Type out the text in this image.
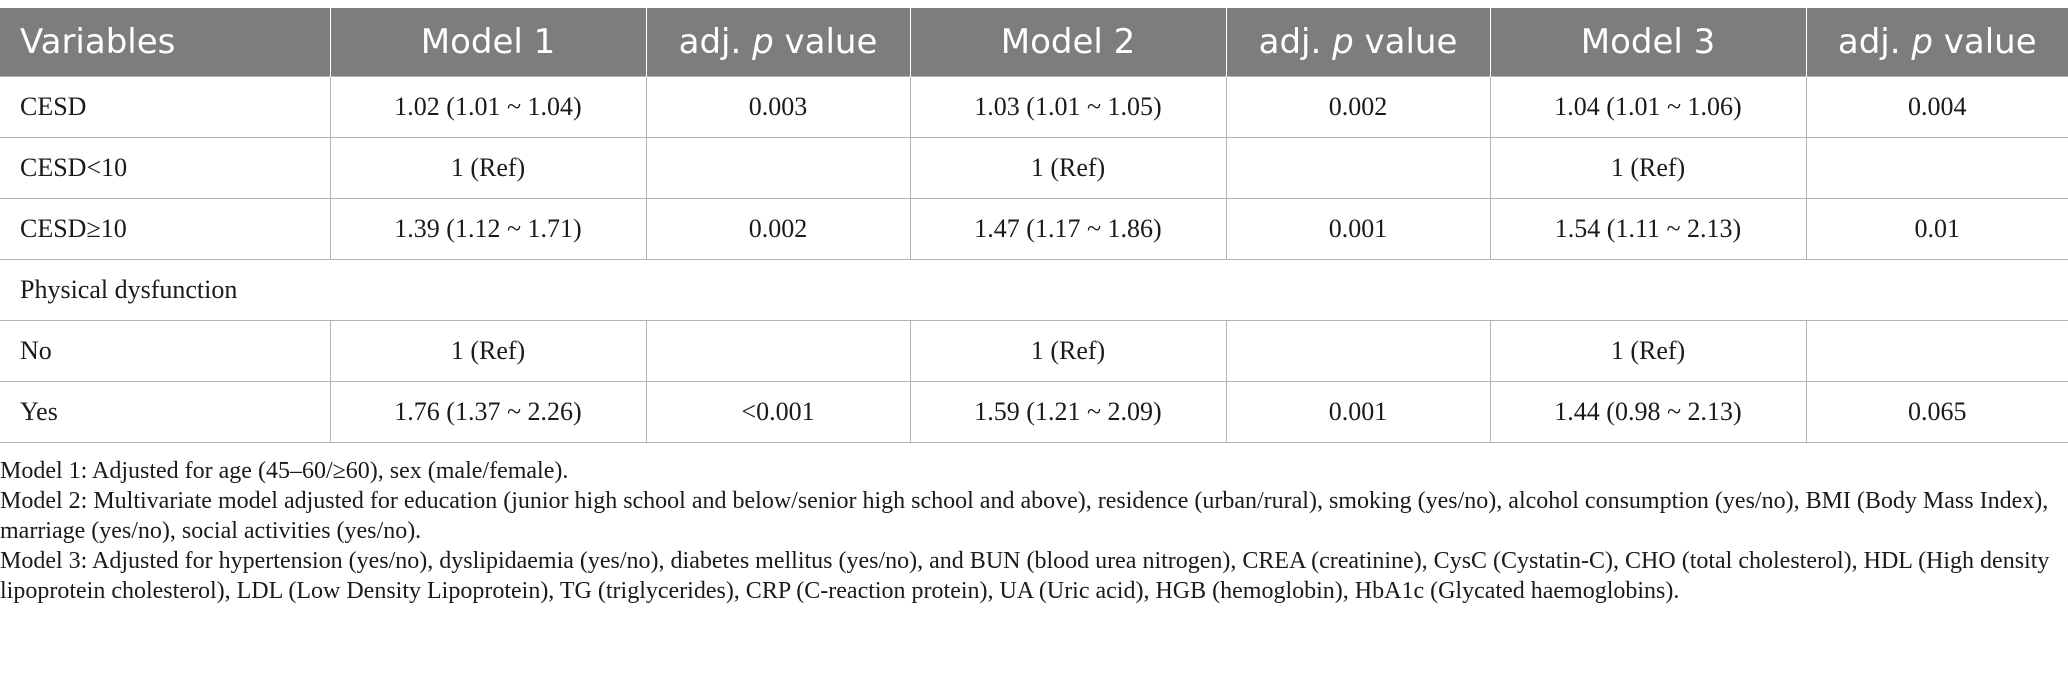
Variables	Model 1	adj. p value	Model 2	adj. p value	Model 3	adj. p value
CESD	1.02 (1.01 ~ 1.04)	0.003	1.03 (1.01 ~ 1.05)	0.002	1.04 (1.01 ~ 1.06)	0.004
CESD<10	1 (Ref)		1 (Ref)		1 (Ref)	
CESD≥10	1.39 (1.12 ~ 1.71)	0.002	1.47 (1.17 ~ 1.86)	0.001	1.54 (1.11 ~ 2.13)	0.01
Physical dysfunction						
No	1 (Ref)		1 (Ref)		1 (Ref)	
Yes	1.76 (1.37 ~ 2.26)	<0.001	1.59 (1.21 ~ 2.09)	0.001	1.44 (0.98 ~ 2.13)	0.065

Model 1: Adjusted for age (45–60/≥60), sex (male/female).

Model 2: Multivariate model adjusted for education (junior high school and below/senior high school and above), residence (urban/rural), smoking (yes/no), alcohol consumption (yes/no), BMI (Body Mass Index), marriage (yes/no), social activities (yes/no).

Model 3: Adjusted for hypertension (yes/no), dyslipidaemia (yes/no), diabetes mellitus (yes/no), and BUN (blood urea nitrogen), CREA (creatinine), CysC (Cystatin-C), CHO (total cholesterol), HDL (High density lipoprotein cholesterol), LDL (Low Density Lipoprotein), TG (triglycerides), CRP (C-reaction protein), UA (Uric acid), HGB (hemoglobin), HbA1c (Glycated haemoglobins).
